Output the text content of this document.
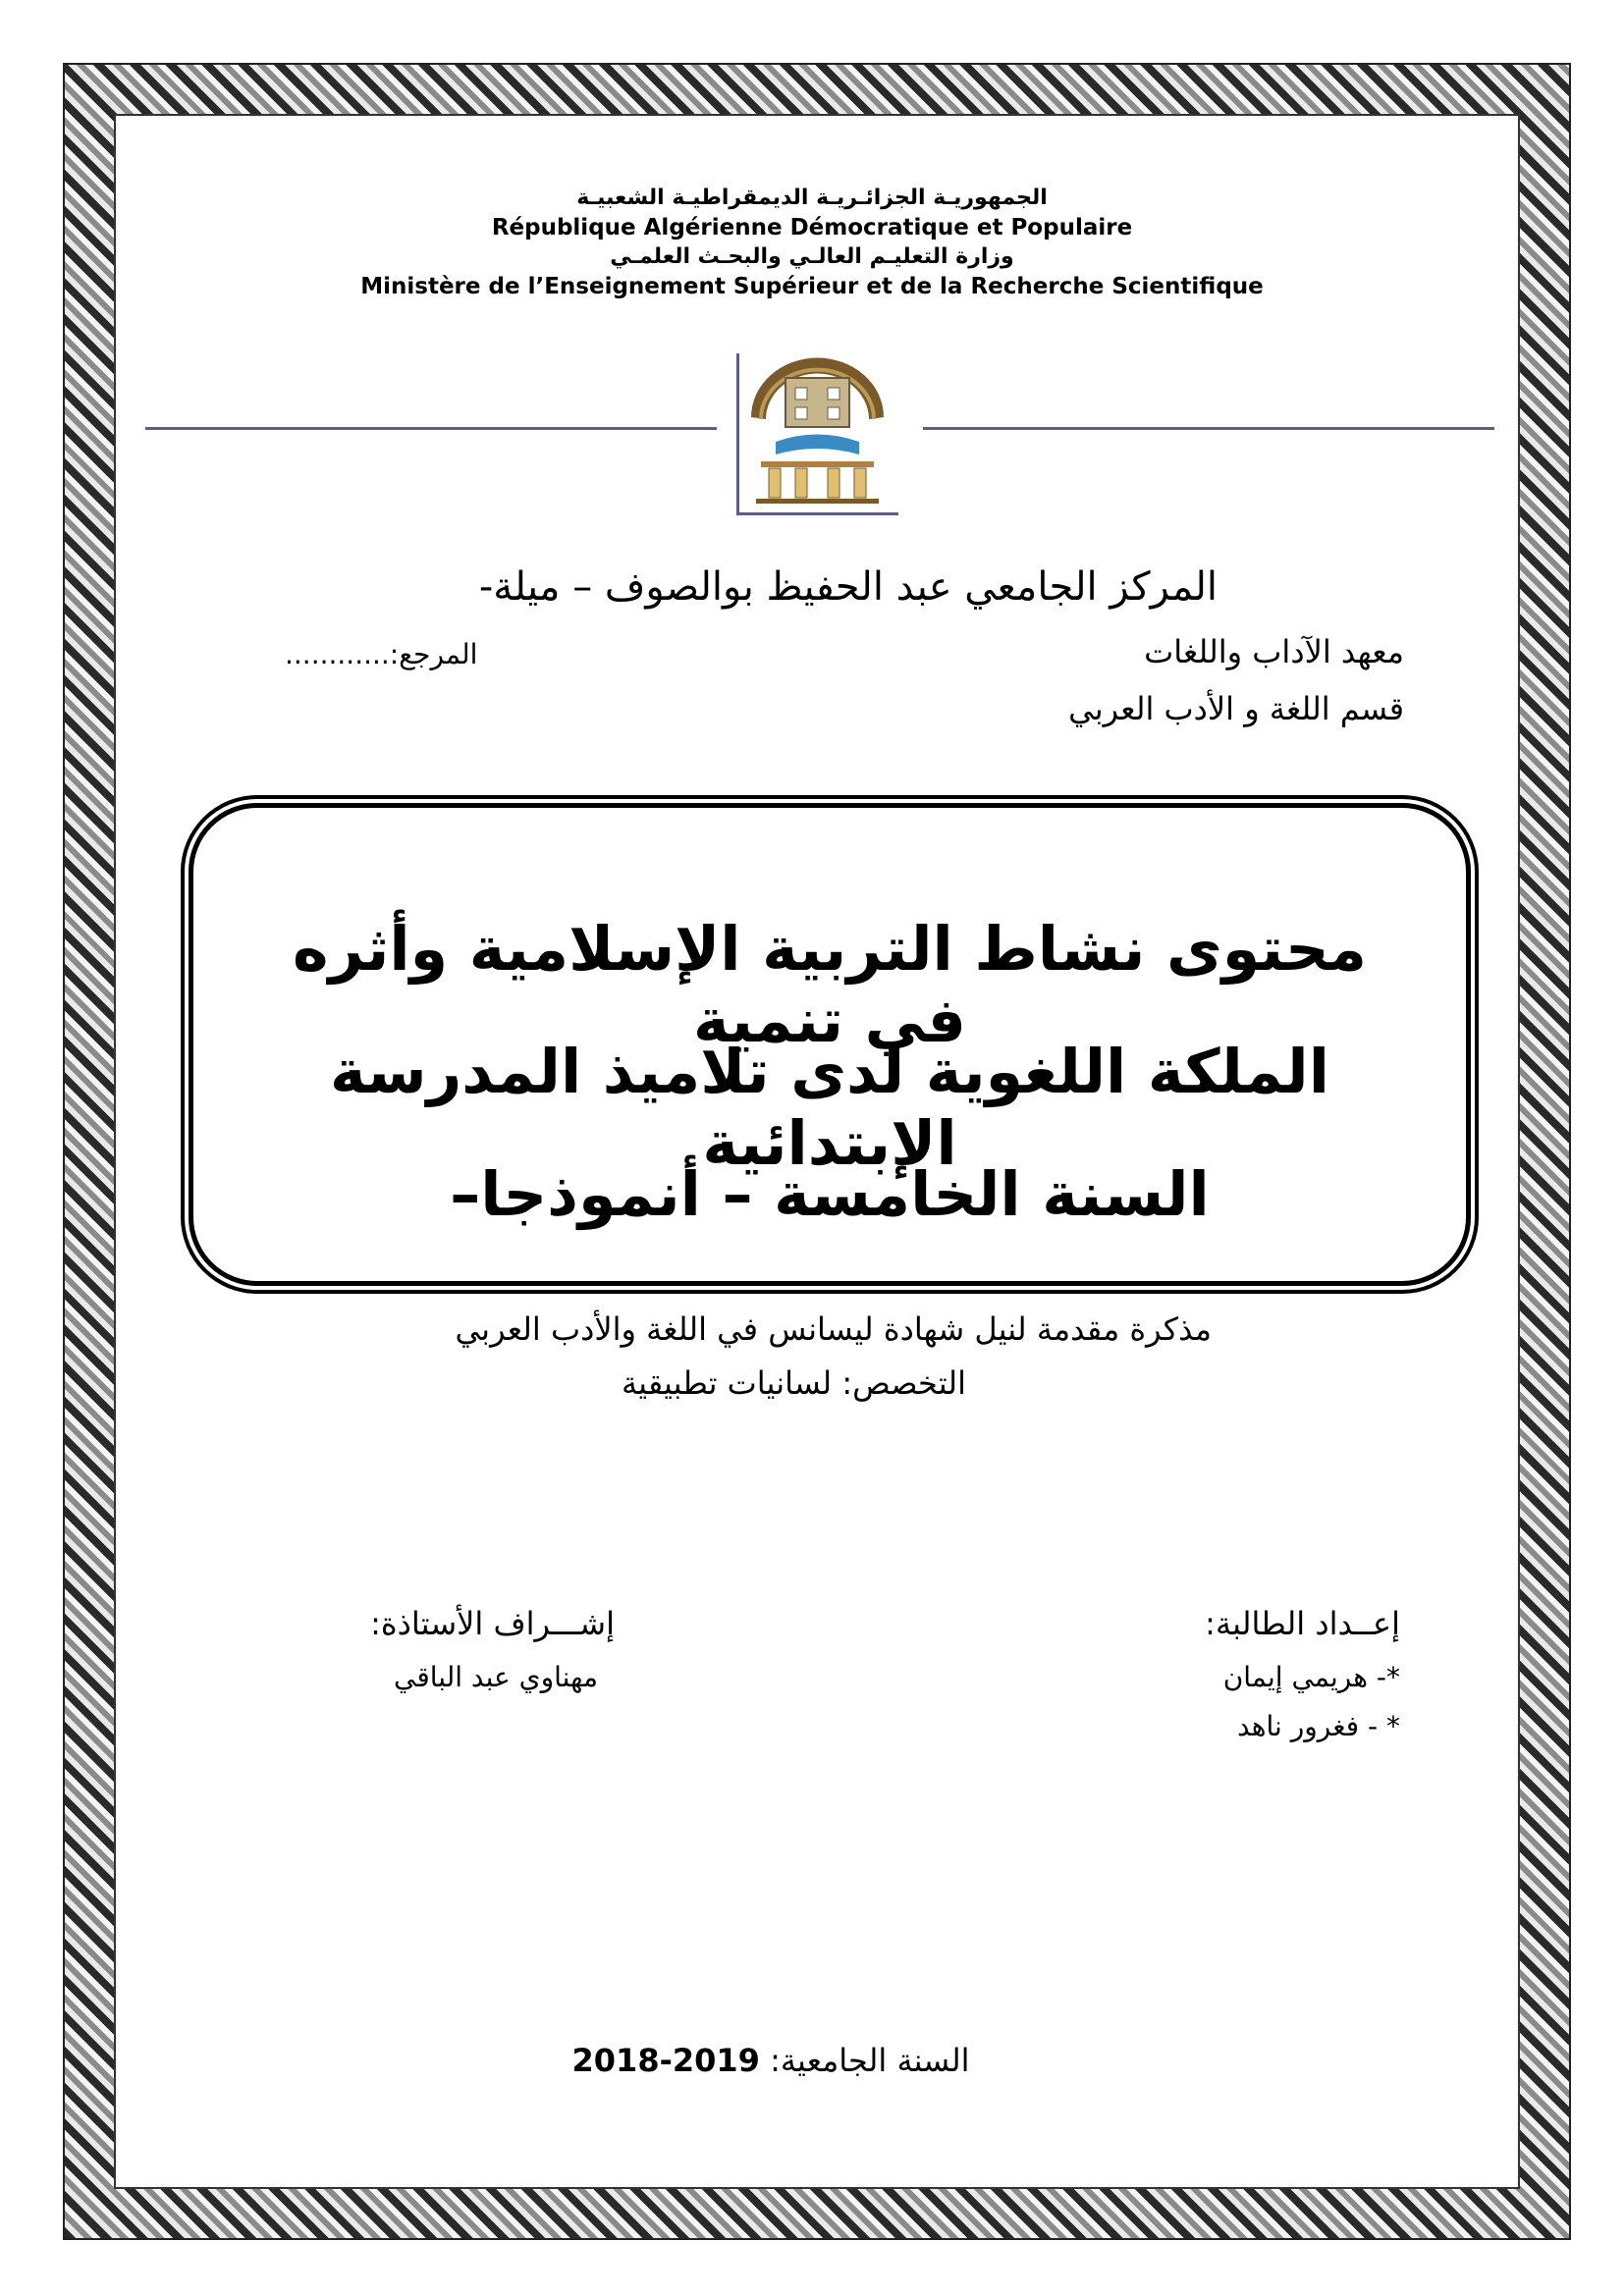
الجمهوريـة الجزائـريـة الديمقراطيـة الشعبيـة
République Algérienne Démocratique et Populaire
وزارة التعليـم العالـي والبحـث العلمـي
Ministère de l’Enseignement Supérieur et de la Recherche Scientifique
المركز الجامعي عبد الحفيظ بوالصوف – ميلة-
معهد الآداب واللغات
المرجع:............
قسم اللغة و الأدب العربي
محتوى نشاط التربية الإسلامية وأثره في تنمية
الملكة اللغوية لدى تلاميذ المدرسة الإبتدائية
السنة الخامسة – أنموذجا–
مذكرة مقدمة لنيل شهادة ليسانس في اللغة والأدب العربي
التخصص: لسانيات تطبيقية
إعــداد الطالبة:
*- هريمي إيمان
* - فغرور ناهد
إشـــراف الأستاذة:
مهناوي عبد الباقي
السنة الجامعية: 2018-2019
